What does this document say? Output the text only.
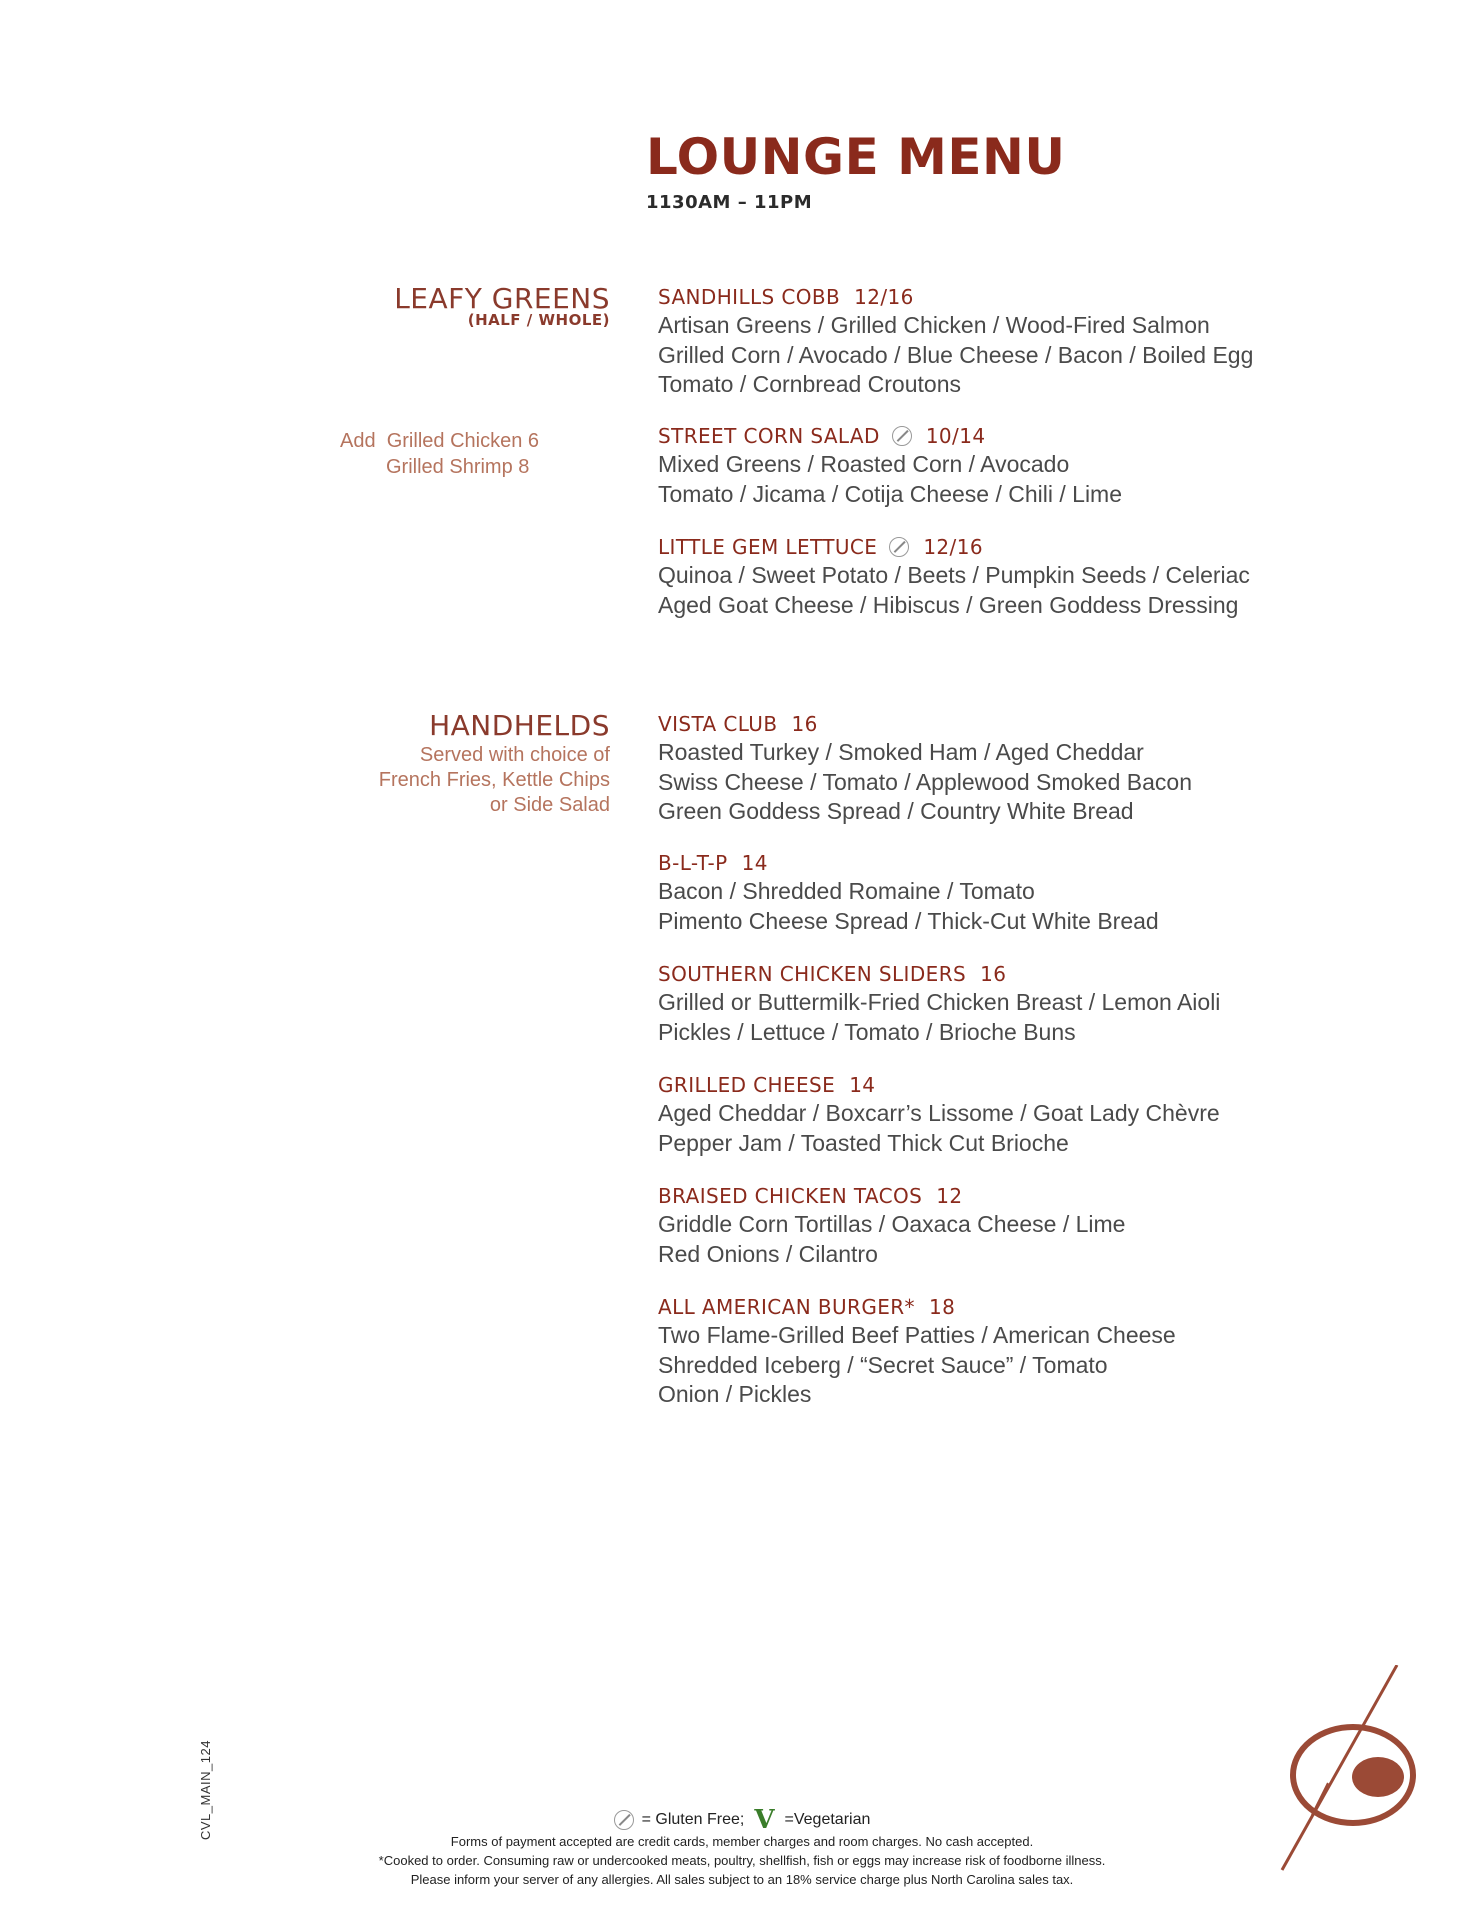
LOUNGE MENU
1130AM – 11PM
LEAFY GREENS
(HALF / WHOLE)
Add Grilled Chicken 6
Grilled Shrimp 8
SANDHILLS COBB 12/16
Artisan Greens / Grilled Chicken / Wood-Fired Salmon
Grilled Corn / Avocado / Blue Cheese / Bacon / Boiled Egg
Tomato / Cornbread Croutons
STREET CORN SALAD 10/14
Mixed Greens / Roasted Corn / Avocado
Tomato / Jicama / Cotija Cheese / Chili / Lime
LITTLE GEM LETTUCE 12/16
Quinoa / Sweet Potato / Beets / Pumpkin Seeds / Celeriac
Aged Goat Cheese / Hibiscus / Green Goddess Dressing
HANDHELDS
Served with choice of
French Fries, Kettle Chips
or Side Salad
VISTA CLUB 16
Roasted Turkey / Smoked Ham / Aged Cheddar
Swiss Cheese / Tomato / Applewood Smoked Bacon
Green Goddess Spread / Country White Bread
B-L-T-P 14
Bacon / Shredded Romaine / Tomato
Pimento Cheese Spread / Thick-Cut White Bread
SOUTHERN CHICKEN SLIDERS 16
Grilled or Buttermilk-Fried Chicken Breast / Lemon Aioli
Pickles / Lettuce / Tomato / Brioche Buns
GRILLED CHEESE 14
Aged Cheddar / Boxcarr’s Lissome / Goat Lady Chèvre
Pepper Jam / Toasted Thick Cut Brioche
BRAISED CHICKEN TACOS 12
Griddle Corn Tortillas / Oaxaca Cheese / Lime
Red Onions / Cilantro
ALL AMERICAN BURGER* 18
Two Flame-Grilled Beef Patties / American Cheese
Shredded Iceberg / “Secret Sauce” / Tomato
Onion / Pickles
CVL_MAIN_124	= Gluten Free; V =Vegetarian
Forms of payment accepted are credit cards, member charges and room charges. No cash accepted.
*Cooked to order. Consuming raw or undercooked meats, poultry, shellfish, fish or eggs may increase risk of foodborne illness.
Please inform your server of any allergies. All sales subject to an 18% service charge plus North Carolina sales tax.
